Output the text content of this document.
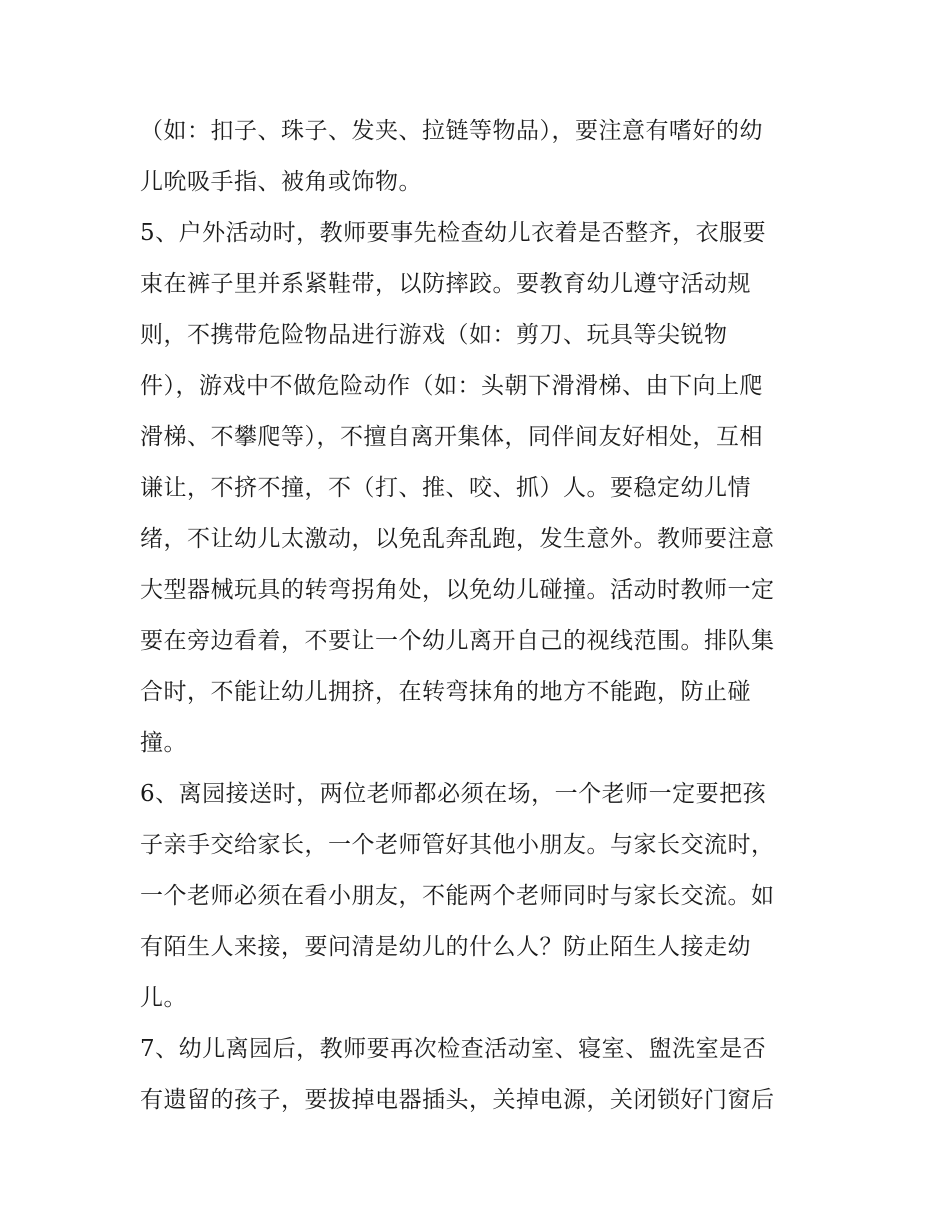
（如：扣子、珠子、发夹、拉链等物品），要注意有嗜好的幼
儿吮吸手指、被角或饰物。
5、户外活动时，教师要事先检查幼儿衣着是否整齐，衣服要
束在裤子里并系紧鞋带，以防摔跤。要教育幼儿遵守活动规
则，不携带危险物品进行游戏（如：剪刀、玩具等尖锐物
件），游戏中不做危险动作（如：头朝下滑滑梯、由下向上爬
滑梯、不攀爬等），不擅自离开集体，同伴间友好相处，互相
谦让，不挤不撞，不（打、推、咬、抓）人。要稳定幼儿情
绪，不让幼儿太激动，以免乱奔乱跑，发生意外。教师要注意
大型器械玩具的转弯拐角处，以免幼儿碰撞。活动时教师一定
要在旁边看着，不要让一个幼儿离开自己的视线范围。排队集
合时，不能让幼儿拥挤，在转弯抹角的地方不能跑，防止碰
撞。
6、离园接送时，两位老师都必须在场，一个老师一定要把孩
子亲手交给家长，一个老师管好其他小朋友。与家长交流时，
一个老师必须在看小朋友，不能两个老师同时与家长交流。如
有陌生人来接，要问清是幼儿的什么人？防止陌生人接走幼
儿。
7、幼儿离园后，教师要再次检查活动室、寝室、盥洗室是否
有遗留的孩子，要拔掉电器插头，关掉电源，关闭锁好门窗后
